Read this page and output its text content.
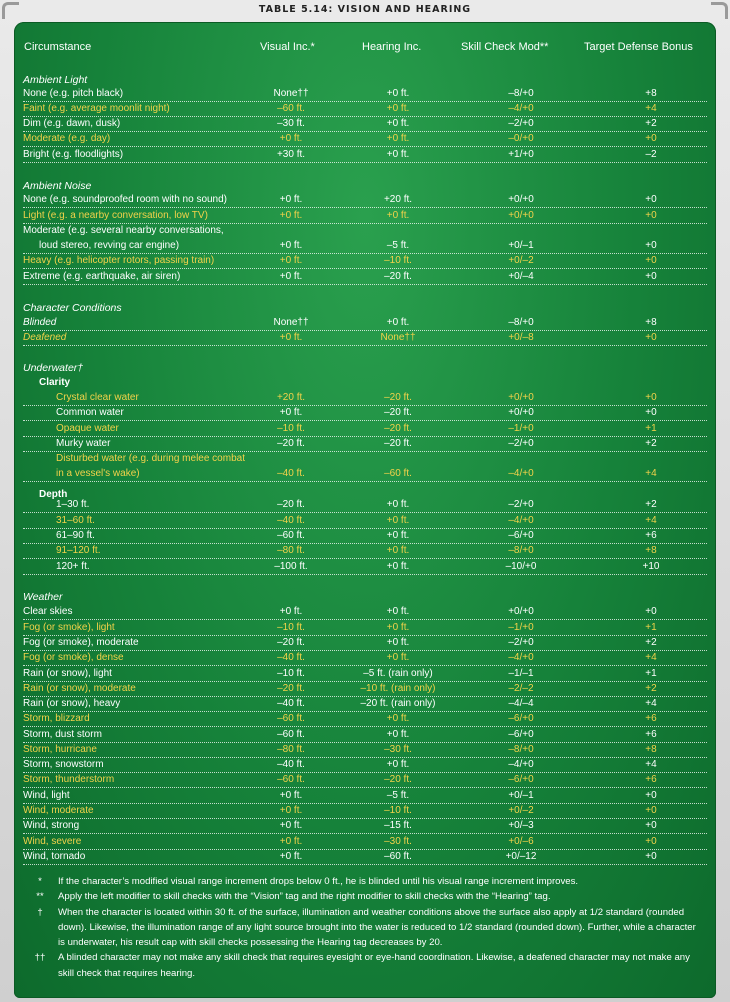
TABLE 5.14: VISION AND HEARING
Circumstance	Visual Inc.*	Hearing Inc.	Skill Check Mod**	Target Defense Bonus
Ambient Light
None (e.g. pitch black)	None††	+0 ft.	–8/+0	+8
Faint (e.g. average moonlit night)	–60 ft.	+0 ft.	–4/+0	+4
Dim (e.g. dawn, dusk)	–30 ft.	+0 ft.	–2/+0	+2
Moderate (e.g. day)	+0 ft.	+0 ft.	–0/+0	+0
Bright (e.g. floodlights)	+30 ft.	+0 ft.	+1/+0	–2
Ambient Noise
None (e.g. soundproofed room with no sound)	+0 ft.	+20 ft.	+0/+0	+0
Light (e.g. a nearby conversation, low TV)	+0 ft.	+0 ft.	+0/+0	+0
Moderate (e.g. several nearby conversations,
loud stereo, revving car engine)	+0 ft.	–5 ft.	+0/–1	+0
Heavy (e.g. helicopter rotors, passing train)	+0 ft.	–10 ft.	+0/–2	+0
Extreme (e.g. earthquake, air siren)	+0 ft.	–20 ft.	+0/–4	+0
Character Conditions
Blinded	None††	+0 ft.	–8/+0	+8
Deafened	+0 ft.	None††	+0/–8	+0
Underwater†
Clarity
Crystal clear water	+20 ft.	–20 ft.	+0/+0	+0
Common water	+0 ft.	–20 ft.	+0/+0	+0
Opaque water	–10 ft.	–20 ft.	–1/+0	+1
Murky water	–20 ft.	–20 ft.	–2/+0	+2
Disturbed water (e.g. during melee combat
in a vessel's wake)	–40 ft.	–60 ft.	–4/+0	+4
Depth
1–30 ft.	–20 ft.	+0 ft.	–2/+0	+2
31–60 ft.	–40 ft.	+0 ft.	–4/+0	+4
61–90 ft.	–60 ft.	+0 ft.	–6/+0	+6
91–120 ft.	–80 ft.	+0 ft.	–8/+0	+8
120+ ft.	–100 ft.	+0 ft.	–10/+0	+10
Weather
Clear skies	+0 ft.	+0 ft.	+0/+0	+0
Fog (or smoke), light	–10 ft.	+0 ft.	–1/+0	+1
Fog (or smoke), moderate	–20 ft.	+0 ft.	–2/+0	+2
Fog (or smoke), dense	–40 ft.	+0 ft.	–4/+0	+4
Rain (or snow), light	–10 ft.	–5 ft. (rain only)	–1/–1	+1
Rain (or snow), moderate	–20 ft.	–10 ft. (rain only)	–2/–2	+2
Rain (or snow), heavy	–40 ft.	–20 ft. (rain only)	–4/–4	+4
Storm, blizzard	–60 ft.	+0 ft.	–6/+0	+6
Storm, dust storm	–60 ft.	+0 ft.	–6/+0	+6
Storm, hurricane	–80 ft.	–30 ft.	–8/+0	+8
Storm, snowstorm	–40 ft.	+0 ft.	–4/+0	+4
Storm, thunderstorm	–60 ft.	–20 ft.	–6/+0	+6
Wind, light	+0 ft.	–5 ft.	+0/–1	+0
Wind, moderate	+0 ft.	–10 ft.	+0/–2	+0
Wind, strong	+0 ft.	–15 ft.	+0/–3	+0
Wind, severe	+0 ft.	–30 ft.	+0/–6	+0
Wind, tornado	+0 ft.	–60 ft.	+0/–12	+0
*	If the character’s modified visual range increment drops below 0 ft., he is blinded until his visual range increment improves.
**	Apply the left modifier to skill checks with the “Vision” tag and the right modifier to skill checks with the “Hearing” tag.
†	When the character is located within 30 ft. of the surface, illumination and weather conditions above the surface also apply at 1/2 standard (rounded down). Likewise, the illumination range of any light source brought into the water is reduced to 1/2 standard (rounded down). Further, while a character is underwater, his result cap with skill checks possessing the Hearing tag decreases by 20.
††	A blinded character may not make any skill check that requires eyesight or eye-hand coordination. Likewise, a deafened character may not make any skill check that requires hearing.
